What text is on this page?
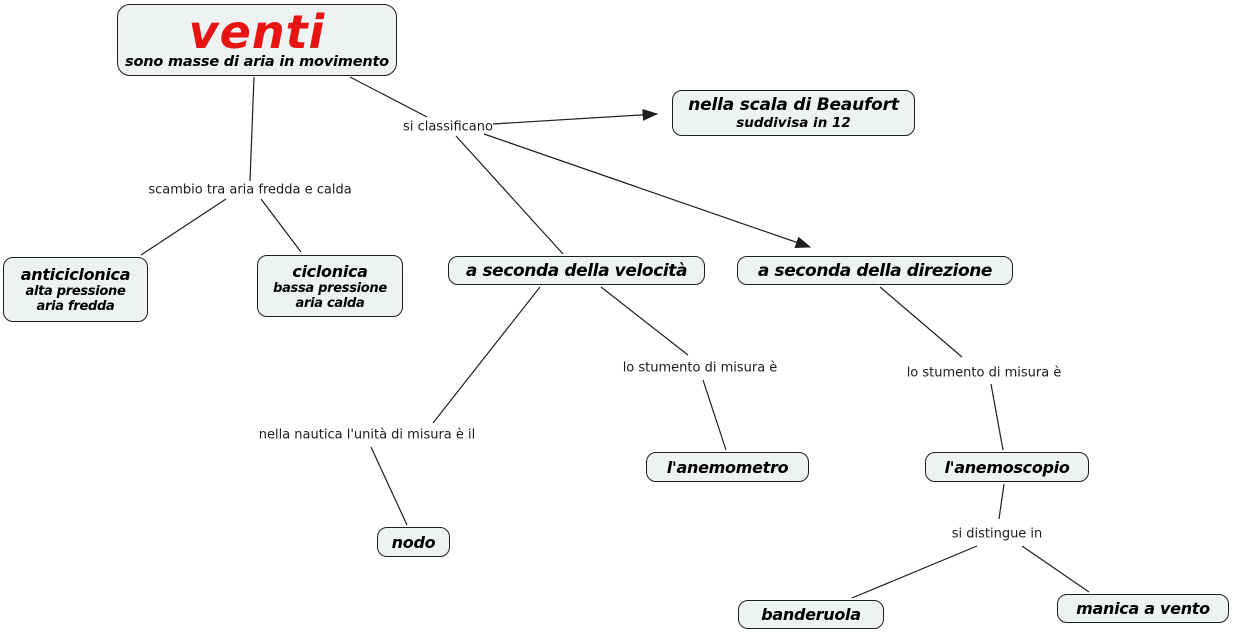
venti
sono masse di aria in movimento
nella scala di Beaufort
suddivisa in 12
anticiclonica
alta pressione
aria fredda
ciclonica
bassa pressione
aria calda
a seconda della velocità	a seconda della direzione
l'anemometro	l'anemoscopio
nodo
banderuola	manica a vento
si classificano
scambio tra aria fredda e calda
lo stumento di misura è	lo stumento di misura è
nella nautica l'unità di misura è il
si distingue in
